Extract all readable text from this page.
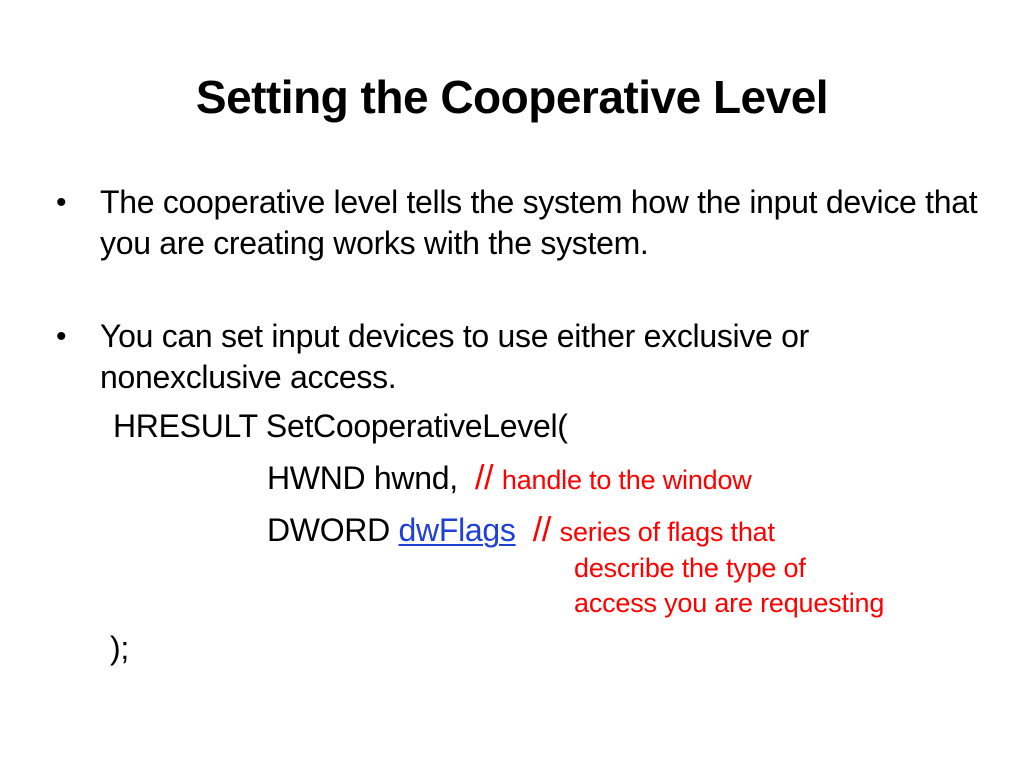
Setting the Cooperative Level
• The cooperative level tells the system how the input device that you are creating works with the system.
• You can set input devices to use either exclusive or nonexclusive access.
HRESULT SetCooperativeLevel(
HWND hwnd, // handle to the window
DWORD dwFlags // series of flags that
describe the type of
access you are requesting
);
